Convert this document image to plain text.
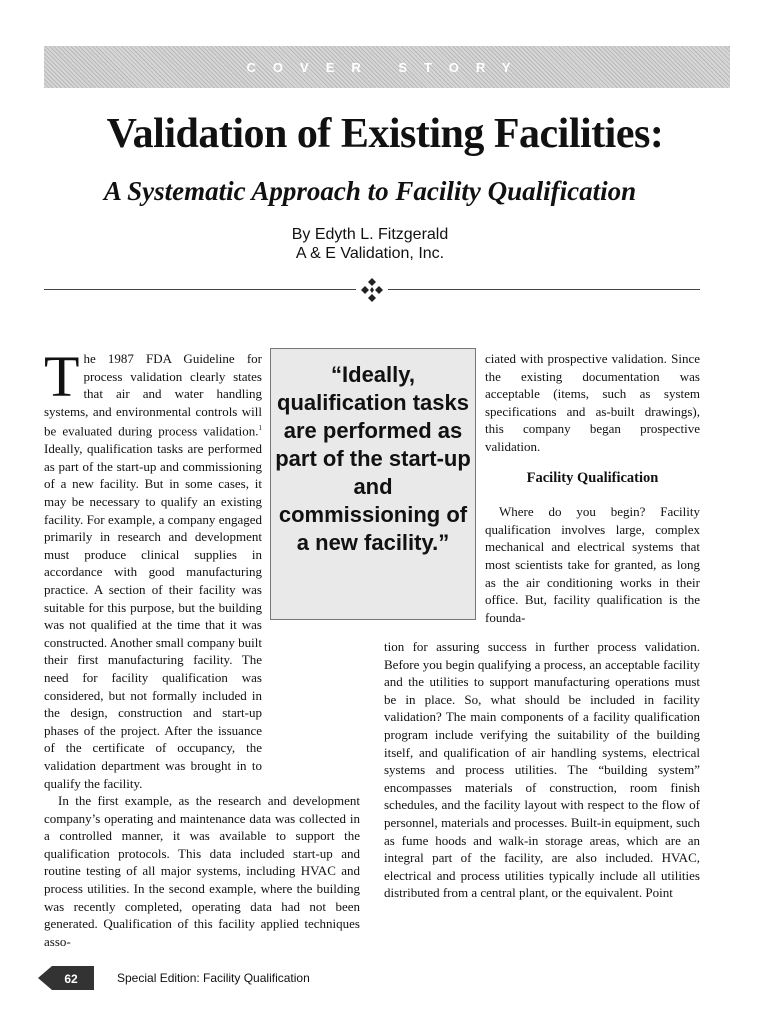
COVER STORY
Validation of Existing Facilities:
A Systematic Approach to Facility Qualification
By Edyth L. Fitzgerald
A & E Validation, Inc.
“Ideally, qualification tasks are performed as part of the start-up and commissioning of a new facility.”

The 1987 FDA Guideline for process validation clearly states that air and water handling systems, and environmental controls will be evaluated during process validation.$^1$ Ideally, qualification tasks are performed as part of the start-up and commissioning of a new facility. But in some cases, it may be necessary to qualify an existing facility. For example, a company engaged primarily in research and development must produce clinical supplies in accordance with good manufacturing practice. A section of their facility was suitable for this purpose, but the building was not qualified at the time that it was constructed. Another small company built their first manufacturing facility. The need for facility qualification was considered, but not formally included in the design, construction and start-up phases of the project. After the issuance of the certificate of occupancy, the validation department was brought in to qualify the facility.

ciated with prospective validation. Since the existing documentation was acceptable (items, such as system specifications and as-built drawings), this company began prospective validation.

Facility Qualification

Where do you begin? Facility qualification involves large, complex mechanical and electrical systems that most scientists take for granted, as long as the air conditioning works in their office. But, facility qualification is the founda-

tion for assuring success in further process validation. Before you begin qualifying a process, an acceptable facility and the utilities to support manufacturing operations must be in place. So, what should be included in facility validation? The main components of a facility qualification program include verifying the suitability of the building itself, and qualification of air handling systems, electrical systems and process utilities. The “building system” encompasses materials of construction, room finish schedules, and the facility layout with respect to the flow of personnel, materials and processes. Built-in equipment, such as fume hoods and walk-in storage areas, which are an integral part of the facility, are also included. HVAC, electrical and process utilities typically include all utilities distributed from a central plant, or the equivalent. Point

In the first example, as the research and development company’s operating and maintenance data was collected in a controlled manner, it was available to support the qualification protocols. This data included start-up and routine testing of all major systems, including HVAC and process utilities. In the second example, where the building was recently completed, operating data had not been generated. Qualification of this facility applied techniques asso-

62	Special Edition: Facility Qualification
